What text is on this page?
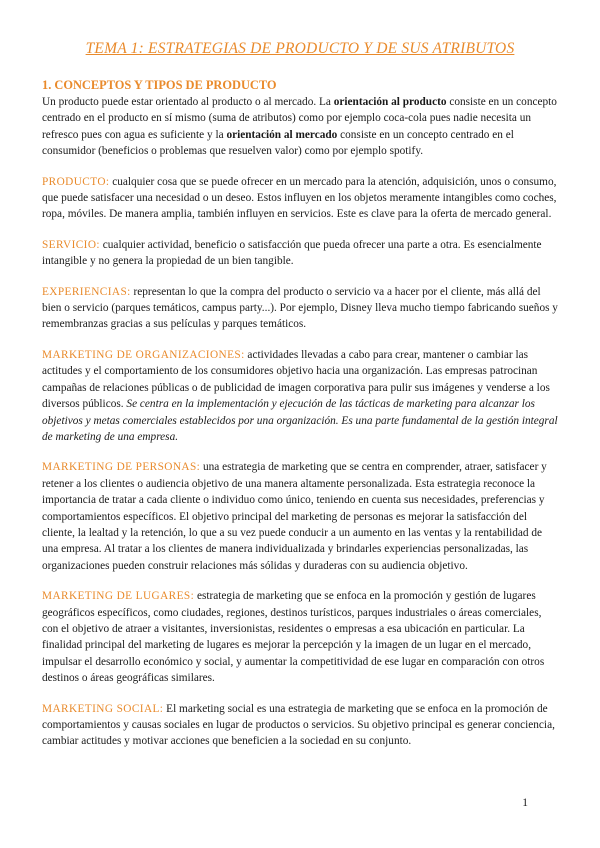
TEMA 1: ESTRATEGIAS DE PRODUCTO Y DE SUS ATRIBUTOS
1. CONCEPTOS Y TIPOS DE PRODUCTO

Un producto puede estar orientado al producto o al mercado. La orientación al producto consiste en un concepto centrado en el producto en sí mismo (suma de atributos) como por ejemplo coca-cola pues nadie necesita un refresco pues con agua es suficiente y la orientación al mercado consiste en un concepto centrado en el consumidor (beneficios o problemas que resuelven valor) como por ejemplo spotify.

PRODUCTO: cualquier cosa que se puede ofrecer en un mercado para la atención, adquisición, unos o consumo, que puede satisfacer una necesidad o un deseo. Estos influyen en los objetos meramente intangibles como coches, ropa, móviles. De manera amplia, también influyen en servicios. Este es clave para la oferta de mercado general.

SERVICIO: cualquier actividad, beneficio o satisfacción que pueda ofrecer una parte a otra. Es esencialmente intangible y no genera la propiedad de un bien tangible.

EXPERIENCIAS: representan lo que la compra del producto o servicio va a hacer por el cliente, más allá del bien o servicio (parques temáticos, campus party...). Por ejemplo, Disney lleva mucho tiempo fabricando sueños y remembranzas gracias a sus películas y parques temáticos.

MARKETING DE ORGANIZACIONES: actividades llevadas a cabo para crear, mantener o cambiar las actitudes y el comportamiento de los consumidores objetivo hacia una organización. Las empresas patrocinan campañas de relaciones públicas o de publicidad de imagen corporativa para pulir sus imágenes y venderse a los diversos públicos. Se centra en la implementación y ejecución de las tácticas de marketing para alcanzar los objetivos y metas comerciales establecidos por una organización. Es una parte fundamental de la gestión integral de marketing de una empresa.

MARKETING DE PERSONAS: una estrategia de marketing que se centra en comprender, atraer, satisfacer y retener a los clientes o audiencia objetivo de una manera altamente personalizada. Esta estrategia reconoce la importancia de tratar a cada cliente o individuo como único, teniendo en cuenta sus necesidades, preferencias y comportamientos específicos. El objetivo principal del marketing de personas es mejorar la satisfacción del cliente, la lealtad y la retención, lo que a su vez puede conducir a un aumento en las ventas y la rentabilidad de una empresa. Al tratar a los clientes de manera individualizada y brindarles experiencias personalizadas, las organizaciones pueden construir relaciones más sólidas y duraderas con su audiencia objetivo.

MARKETING DE LUGARES: estrategia de marketing que se enfoca en la promoción y gestión de lugares geográficos específicos, como ciudades, regiones, destinos turísticos, parques industriales o áreas comerciales, con el objetivo de atraer a visitantes, inversionistas, residentes o empresas a esa ubicación en particular. La finalidad principal del marketing de lugares es mejorar la percepción y la imagen de un lugar en el mercado, impulsar el desarrollo económico y social, y aumentar la competitividad de ese lugar en comparación con otros destinos o áreas geográficas similares.

MARKETING SOCIAL: El marketing social es una estrategia de marketing que se enfoca en la promoción de comportamientos y causas sociales en lugar de productos o servicios. Su objetivo principal es generar conciencia, cambiar actitudes y motivar acciones que beneficien a la sociedad en su conjunto.

1
